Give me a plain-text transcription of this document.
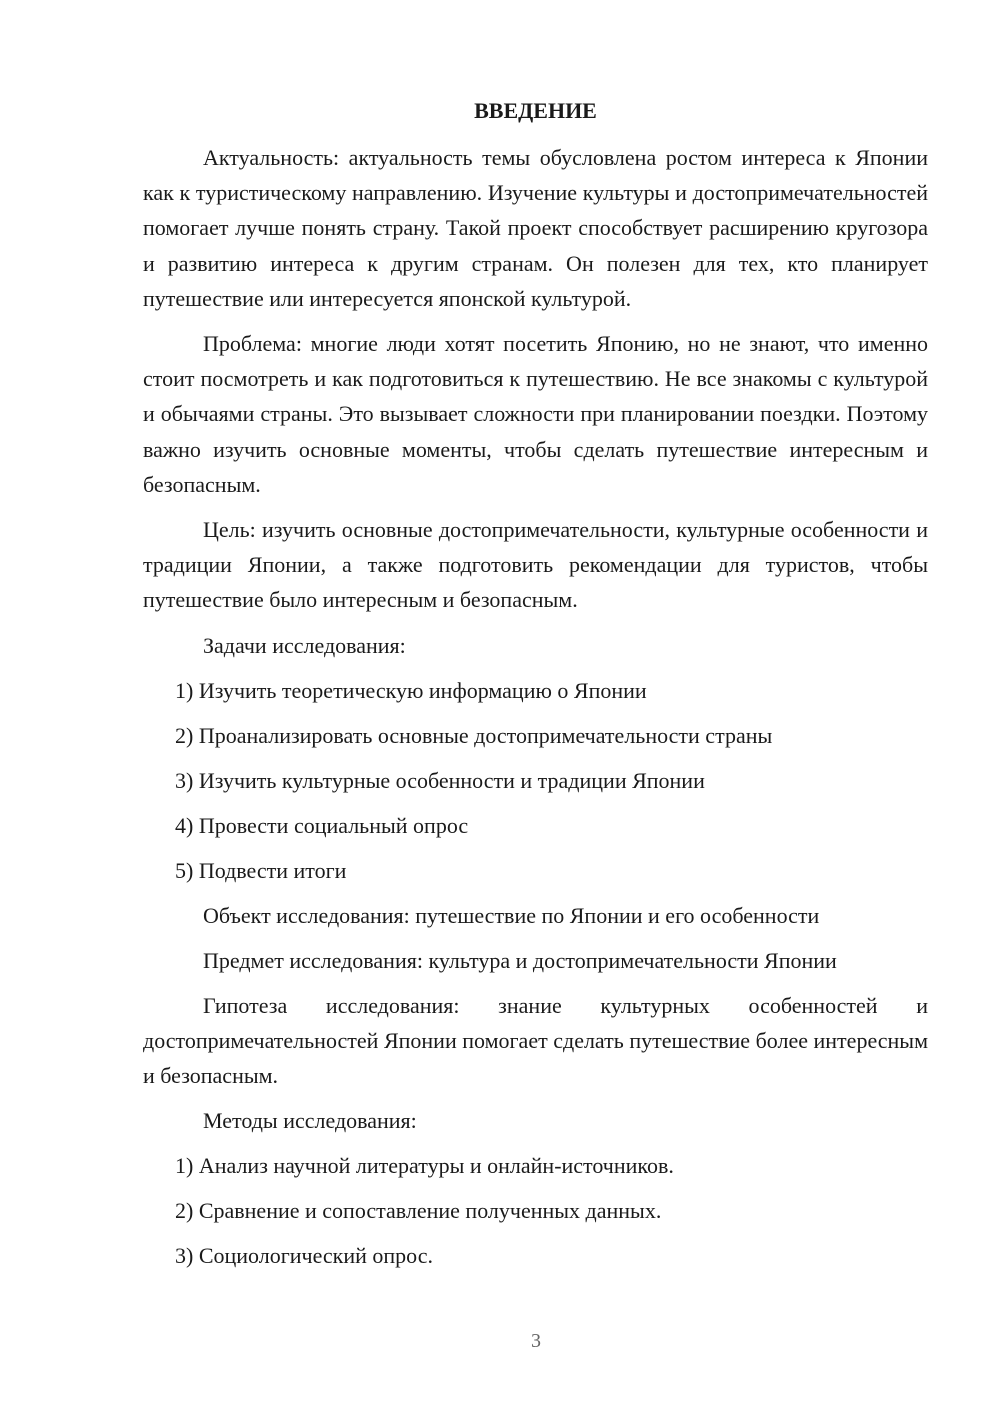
ВВЕДЕНИЕ

Актуальность: актуальность темы обусловлена ростом интереса к Японии как к туристическому направлению. Изучение культуры и достопримечательностей помогает лучше понять страну. Такой проект способствует расширению кругозора и развитию интереса к другим странам. Он полезен для тех, кто планирует путешествие или интересуется японской культурой.

Проблема: многие люди хотят посетить Японию, но не знают, что именно стоит посмотреть и как подготовиться к путешествию. Не все знакомы с культурой и обычаями страны. Это вызывает сложности при планировании поездки. Поэтому важно изучить основные моменты, чтобы сделать путешествие интересным и безопасным.

Цель: изучить основные достопримечательности, культурные особенности и традиции Японии, а также подготовить рекомендации для туристов, чтобы путешествие было интересным и безопасным.

Задачи исследования:
1) Изучить теоретическую информацию о Японии
2) Проанализировать основные достопримечательности страны
3) Изучить культурные особенности и традиции Японии
4) Провести социальный опрос
5) Подвести итоги
Объект исследования: путешествие по Японии и его особенности
Предмет исследования: культура и достопримечательности Японии

Гипотеза исследования: знание культурных особенностей и достопримечательностей Японии помогает сделать путешествие более интересным и безопасным.

Методы исследования:
1) Анализ научной литературы и онлайн-источников.
2) Сравнение и сопоставление полученных данных.
3) Социологический опрос.
3
